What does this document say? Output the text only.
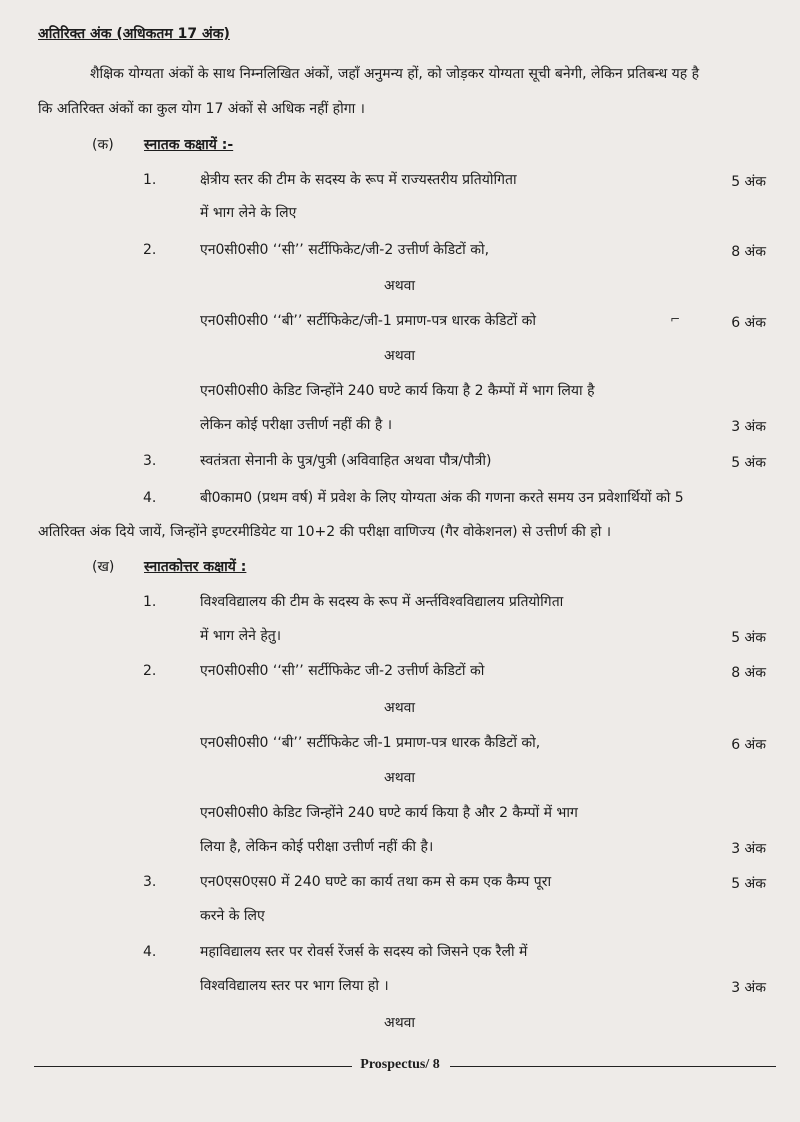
अतिरिक्त अंक (अधिकतम 17 अंक)
शैक्षिक योग्यता अंकों के साथ निम्नलिखित अंकों, जहाँ अनुमन्य हों, को जोड़कर योग्यता सूची बनेगी, लेकिन प्रतिबन्ध यह है
कि अतिरिक्त अंकों का कुल योग 17 अंकों से अधिक नहीं होगा ।
(क) स्नातक कक्षायें :-
1.	क्षेत्रीय स्तर की टीम के सदस्य के रूप में राज्यस्तरीय प्रतियोगिता	5 अंक
में भाग लेने के लिए
2.	एन0सी0सी0 ‘‘सी’’ सर्टीफिकेट/जी-2 उत्तीर्ण केडिटों को,	8 अंक
अथवा
एन0सी0सी0 ‘‘बी’’ सर्टीफिकेट/जी-1 प्रमाण-पत्र धारक केडिटों को	⌐	6 अंक
अथवा
एन0सी0सी0 केडिट जिन्होंने 240 घण्टे कार्य किया है 2 कैम्पों में भाग लिया है
लेकिन कोई परीक्षा उत्तीर्ण नहीं की है ।	3 अंक
3.	स्वतंत्रता सेनानी के पुत्र/पुत्री (अविवाहित अथवा पौत्र/पौत्री)	5 अंक
4.	बी0काम0 (प्रथम वर्ष) में प्रवेश के लिए योग्यता अंक की गणना करते समय उन प्रवेशार्थियों को 5
अतिरिक्त अंक दिये जायें, जिन्होंने इण्टरमीडियेट या 10+2 की परीक्षा वाणिज्य (गैर वोकेशनल) से उत्तीर्ण की हो ।
(ख) स्नातकोत्तर कक्षायें :
1.	विश्वविद्यालय की टीम के सदस्य के रूप में अर्न्तविश्वविद्यालय प्रतियोगिता
में भाग लेने हेतु।	5 अंक
2.	एन0सी0सी0 ‘‘सी’’ सर्टीफिकेट जी-2 उत्तीर्ण केडिटों को	8 अंक
अथवा
एन0सी0सी0 ‘‘बी’’ सर्टीफिकेट जी-1 प्रमाण-पत्र धारक कैडिटों को,	6 अंक
अथवा
एन0सी0सी0 केडिट जिन्होंने 240 घण्टे कार्य किया है और 2 कैम्पों में भाग
लिया है, लेकिन कोई परीक्षा उत्तीर्ण नहीं की है।	3 अंक
3.	एन0एस0एस0 में 240 घण्टे का कार्य तथा कम से कम एक कैम्प पूरा	5 अंक
करने के लिए
4.	महाविद्यालय स्तर पर रोवर्स रेंजर्स के सदस्य को जिसने एक रैली में
विश्वविद्यालय स्तर पर भाग लिया हो ।	3 अंक
अथवा
Prospectus/ 8
